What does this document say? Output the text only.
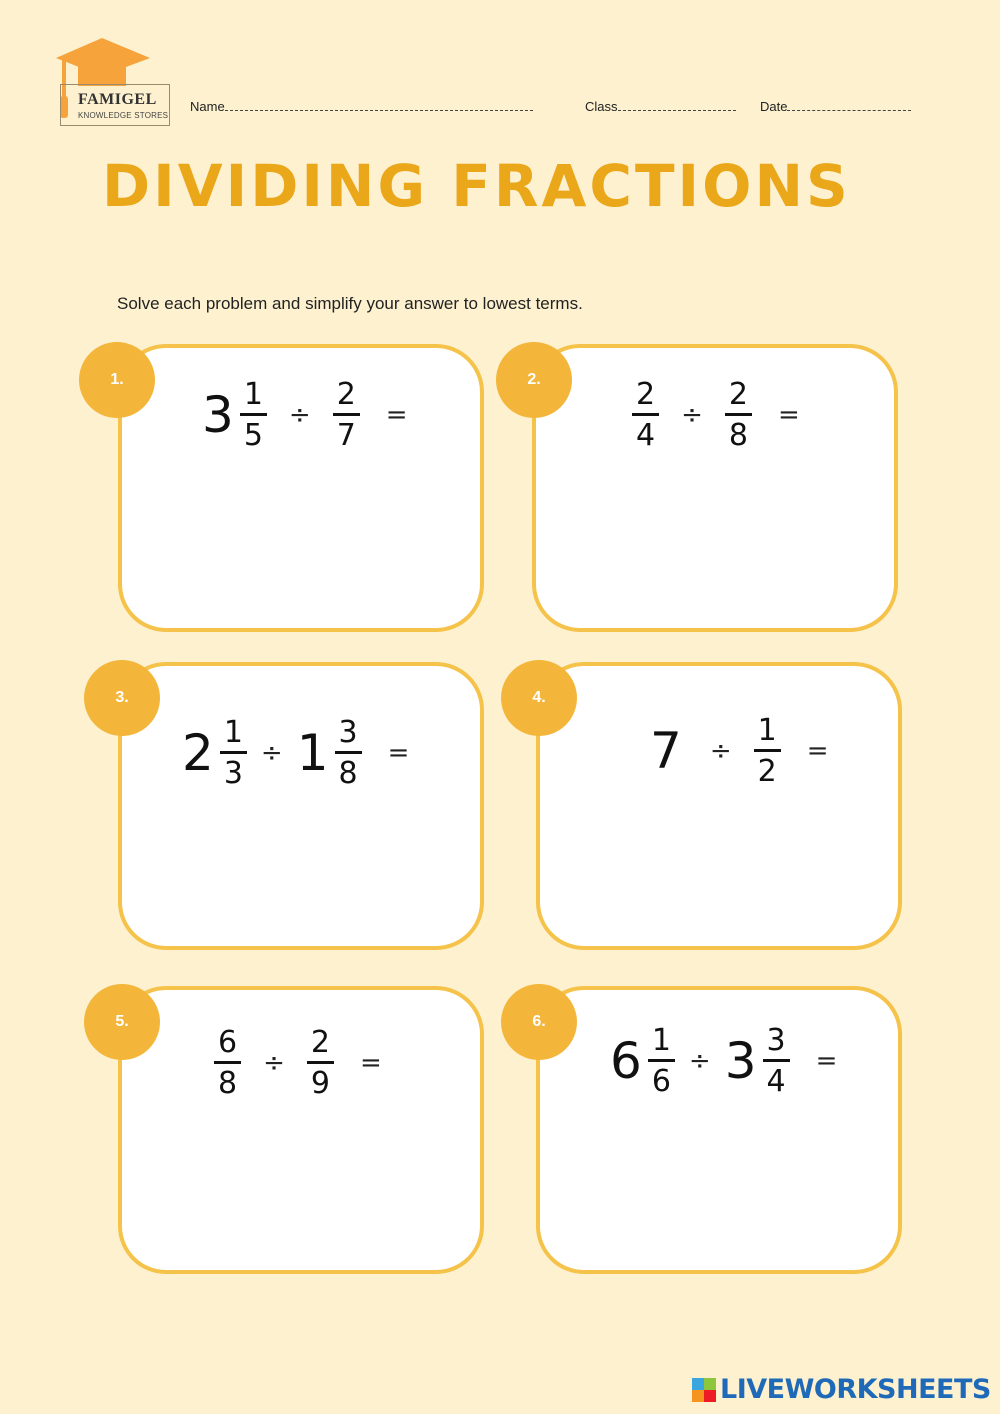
FAMIGEL
KNOWLEDGE STORES
Name	Class	Date
DIVIDING FRACTIONS
Solve each problem and simplify your answer to lowest terms.
1.
$3 \frac{1}{5} \div \frac{2}{7}$ =
2.	$\frac{2}{4} \div \frac{2}{8}$ =
3.
$2 \frac{1}{3} \div 1 \frac{3}{8}$ =
4.
$7 \div \frac{1}{2}$ =
5.
$\frac{6}{8} \div \frac{2}{9}$ =
6.
$6 \frac{1}{6} \div 3 \frac{3}{4}$ =
LIVEWORKSHEETS
